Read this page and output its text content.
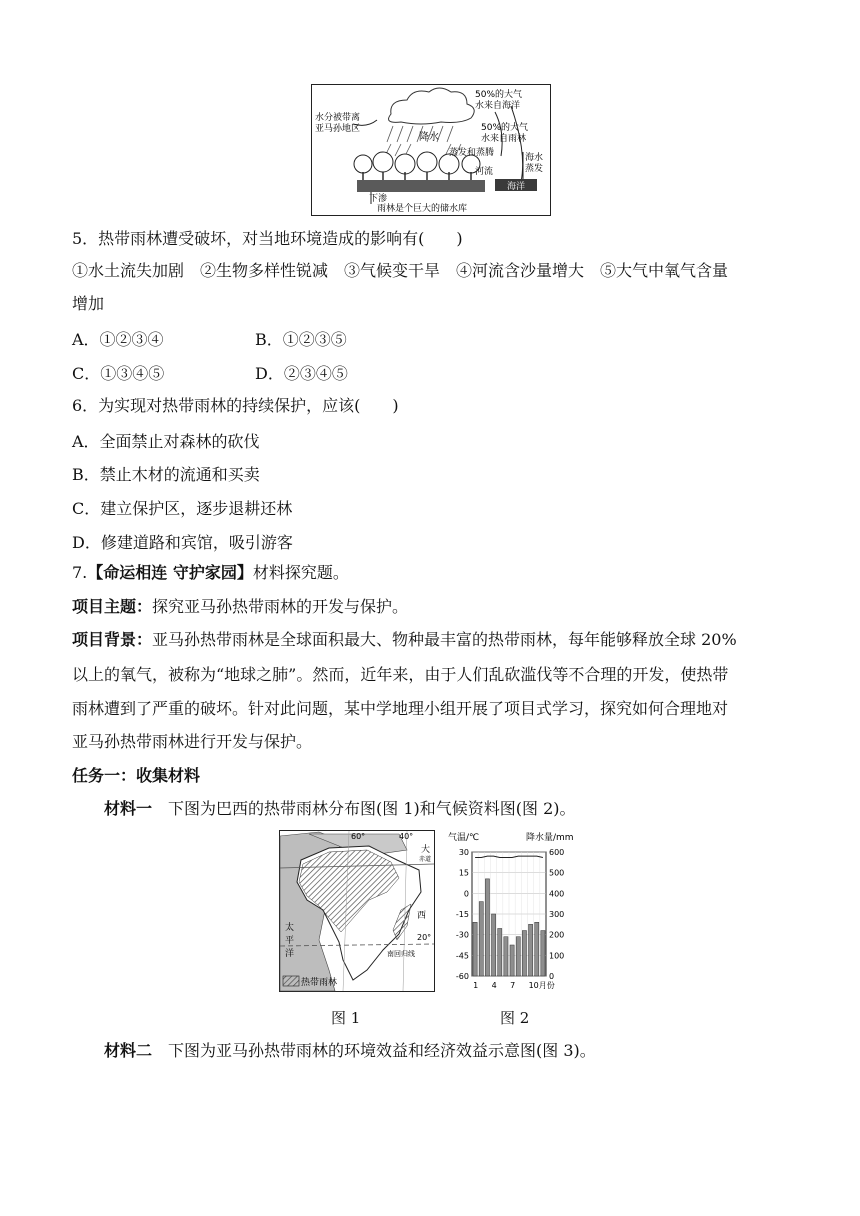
海洋
50%的大气
水来自海洋
50%的大气
水来自雨林
水分被带离
亚马孙地区
降水
蒸发和蒸腾
河流
海水
蒸发
下渗
雨林是个巨大的储水库
5．热带雨林遭受破坏，对当地环境造成的影响有(　　)
①水土流失加剧　②生物多样性锐减　③气候变干旱　④河流含沙量增大　⑤大气中氧气含量
增加
A．①②③④	B．①②③⑤
C．①③④⑤	D．②③④⑤
6．为实现对热带雨林的持续保护，应该(　　)
A．全面禁止对森林的砍伐
B．禁止木材的流通和买卖
C．建立保护区，逐步退耕还林
D．修建道路和宾馆，吸引游客
7.【命运相连 守护家园】材料探究题。
项目主题：探究亚马孙热带雨林的开发与保护。
项目背景：亚马孙热带雨林是全球面积最大、物种最丰富的热带雨林，每年能够释放全球 20%
以上的氧气，被称为“地球之肺”。然而，近年来，由于人们乱砍滥伐等不合理的开发，使热带
雨林遭到了严重的破坏。针对此问题，某中学地理小组开展了项目式学习，探究如何合理地对
亚马孙热带雨林进行开发与保护。
任务一：收集材料
材料一　 下图为巴西的热带雨林分布图(图 1)和气候资料图(图 2)。
热带雨林
60°	40°
赤道
大
西
太
平
洋
20°
南回归线
图 1
气温/℃	降水量/mm
30
15
0
-15
-30
-45
-60
600
500
400
300
200
100
0
1 4 7 10月份
图 2
材料二　 下图为亚马孙热带雨林的环境效益和经济效益示意图(图 3)。
